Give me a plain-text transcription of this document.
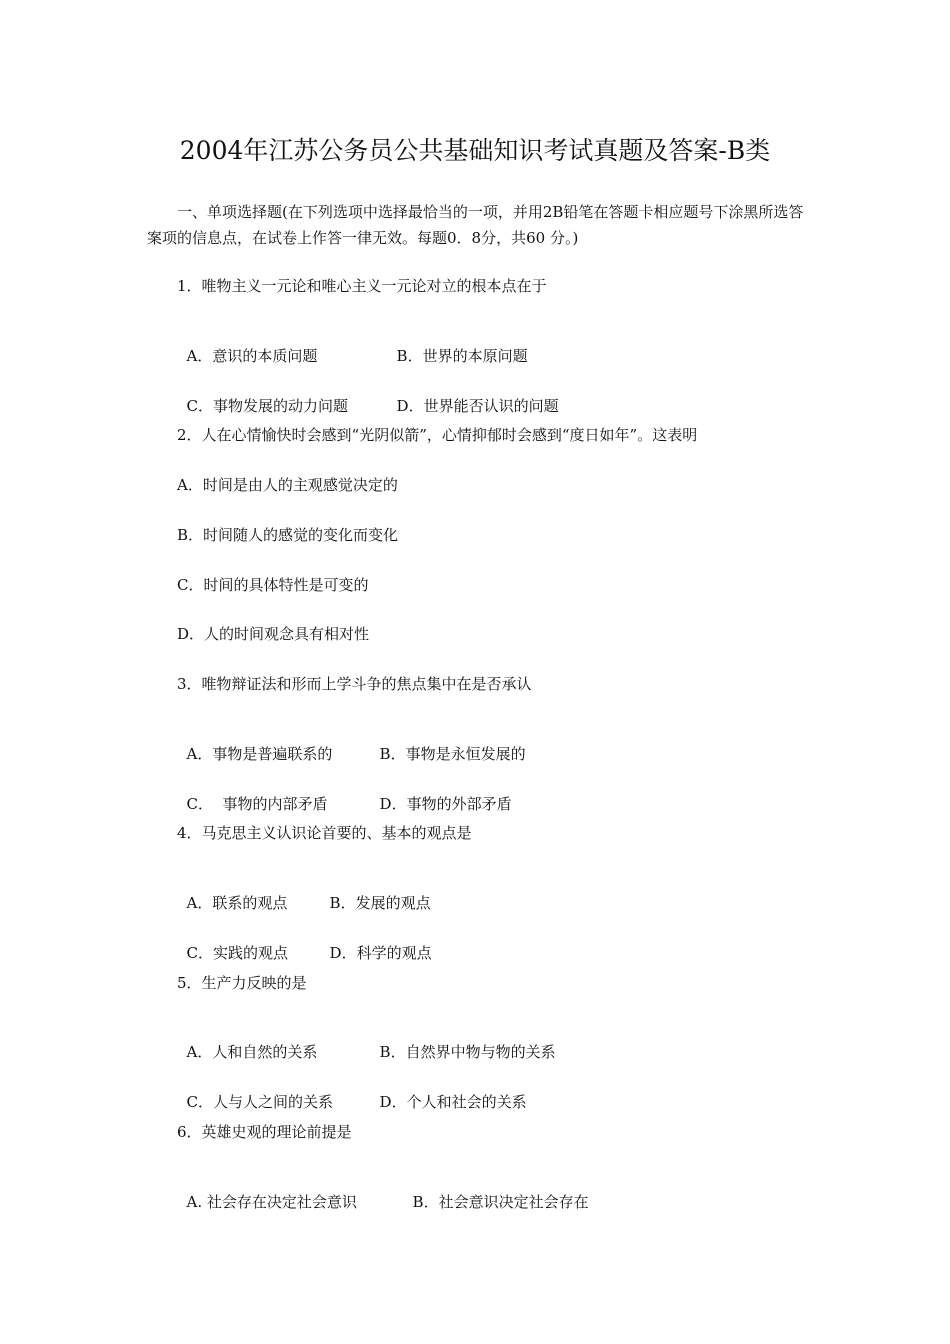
2004年江苏公务员公共基础知识考试真题及答案-B类
一、单项选择题(在下列选项中选择最恰当的一项，并用2B铅笔在答题卡相应题号下涂黑所选答案项的信息点，在试卷上作答一律无效。每题0．8分，共60 分。)
1．唯物主义一元论和唯心主义一元论对立的根本点在于

A．意识的本质问题	B．世界的本原问题

C．事物发展的动力问题	D．世界能否认识的问题

2．人在心情愉快时会感到“光阴似箭”，心情抑郁时会感到“度日如年”。这表明
A．时间是由人的主观感觉决定的
B．时间随人的感觉的变化而变化
C．时间的具体特性是可变的
D．人的时间观念具有相对性
3．唯物辩证法和形而上学斗争的焦点集中在是否承认

A．事物是普遍联系的	B．事物是永恒发展的

C．  事物的内部矛盾	D．事物的外部矛盾

4．马克思主义认识论首要的、基本的观点是

A．联系的观点	B．发展的观点

C．实践的观点	D．科学的观点

5．生产力反映的是

A．人和自然的关系	B．自然界中物与物的关系

C．人与人之间的关系	D．个人和社会的关系

6．英雄史观的理论前提是

A. 社会存在决定社会意识	B．社会意识决定社会存在
